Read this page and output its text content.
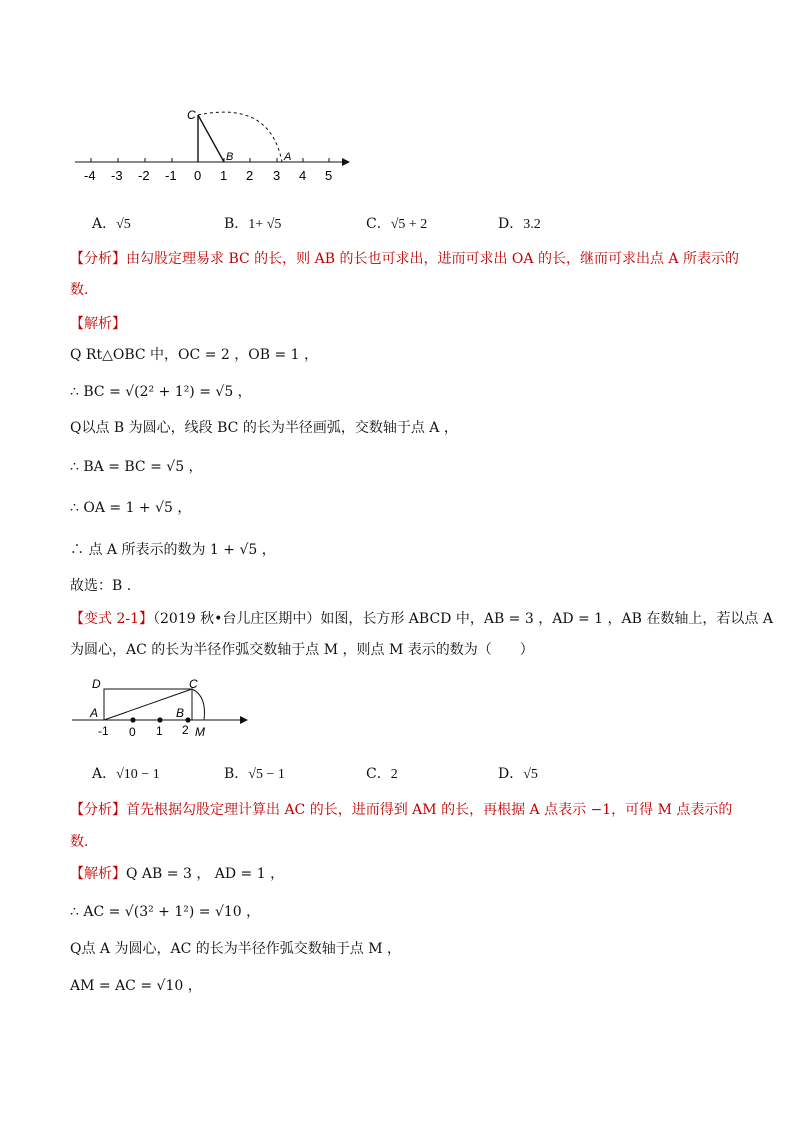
C
B	A
-4 -3 -2 -1 0 1 2 3 4 5
A．√5	B．1+ √5	C．√5 + 2	D．3.2
【分析】由勾股定理易求 BC 的长，则 AB 的长也可求出，进而可求出 OA 的长，继而可求出点 A 所表示的
数.
【解析】
Q Rt△OBC 中，OC = 2 ，OB = 1 ，
∴ BC = √(2² + 1²) = √5 ，
Q以点 B 为圆心，线段 BC 的长为半径画弧，交数轴于点 A ，
∴ BA = BC = √5 ，
∴ OA = 1 + √5 ，
∴ 点 A 所表示的数为 1 + √5 ，
故选：B .
【变式 2-1】（2019 秋•台儿庄区期中）如图，长方形 ABCD 中，AB = 3 ，AD = 1 ，AB 在数轴上，若以点 A
为圆心，AC 的长为半径作弧交数轴于点 M ，则点 M 表示的数为（　　）
D	C
A	B
M
-1 0 1 2
A．√10 − 1	B．√5 − 1	C．2	D．√5
【分析】首先根据勾股定理计算出 AC 的长，进而得到 AM 的长，再根据 A 点表示 −1，可得 M 点表示的
数.
【解析】Q AB = 3 ， AD = 1 ，
∴ AC = √(3² + 1²) = √10 ，
Q点 A 为圆心，AC 的长为半径作弧交数轴于点 M ，
AM = AC = √10 ，
